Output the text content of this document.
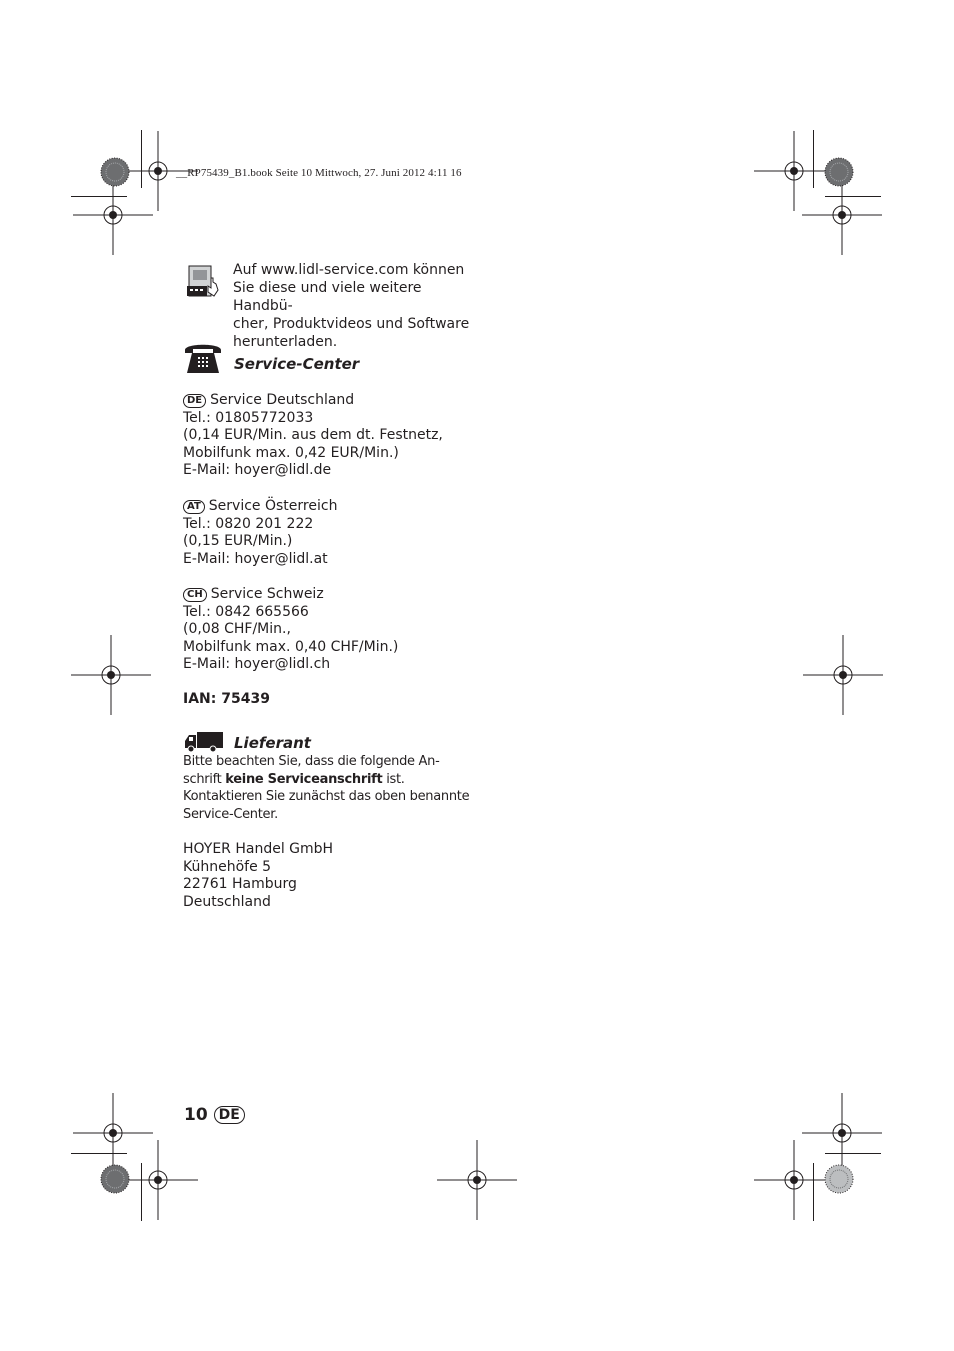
__RP75439_B1.book Seite 10 Mittwoch, 27. Juni 2012 4:11 16
Auf www.lidl-service.com können
Sie diese und viele weitere Handbü-
cher, Produktvideos und Software
herunterladen.
Service-Center
DE Service Deutschland
Tel.: 01805772033
(0,14 EUR/Min. aus dem dt. Festnetz,
Mobilfunk max. 0,42 EUR/Min.)
E-Mail: hoyer@lidl.de
AT Service Österreich
Tel.: 0820 201 222
(0,15 EUR/Min.)
E-Mail: hoyer@lidl.at
CH Service Schweiz
Tel.: 0842 665566
(0,08 CHF/Min.,
Mobilfunk max. 0,40 CHF/Min.)
E-Mail: hoyer@lidl.ch
IAN: 75439
Lieferant
Bitte beachten Sie, dass die folgende An-
schrift keine Serviceanschrift ist.
Kontaktieren Sie zunächst das oben benannte
Service-Center.
HOYER Handel GmbH
Kühnehöfe 5
22761 Hamburg
Deutschland
10 DE
